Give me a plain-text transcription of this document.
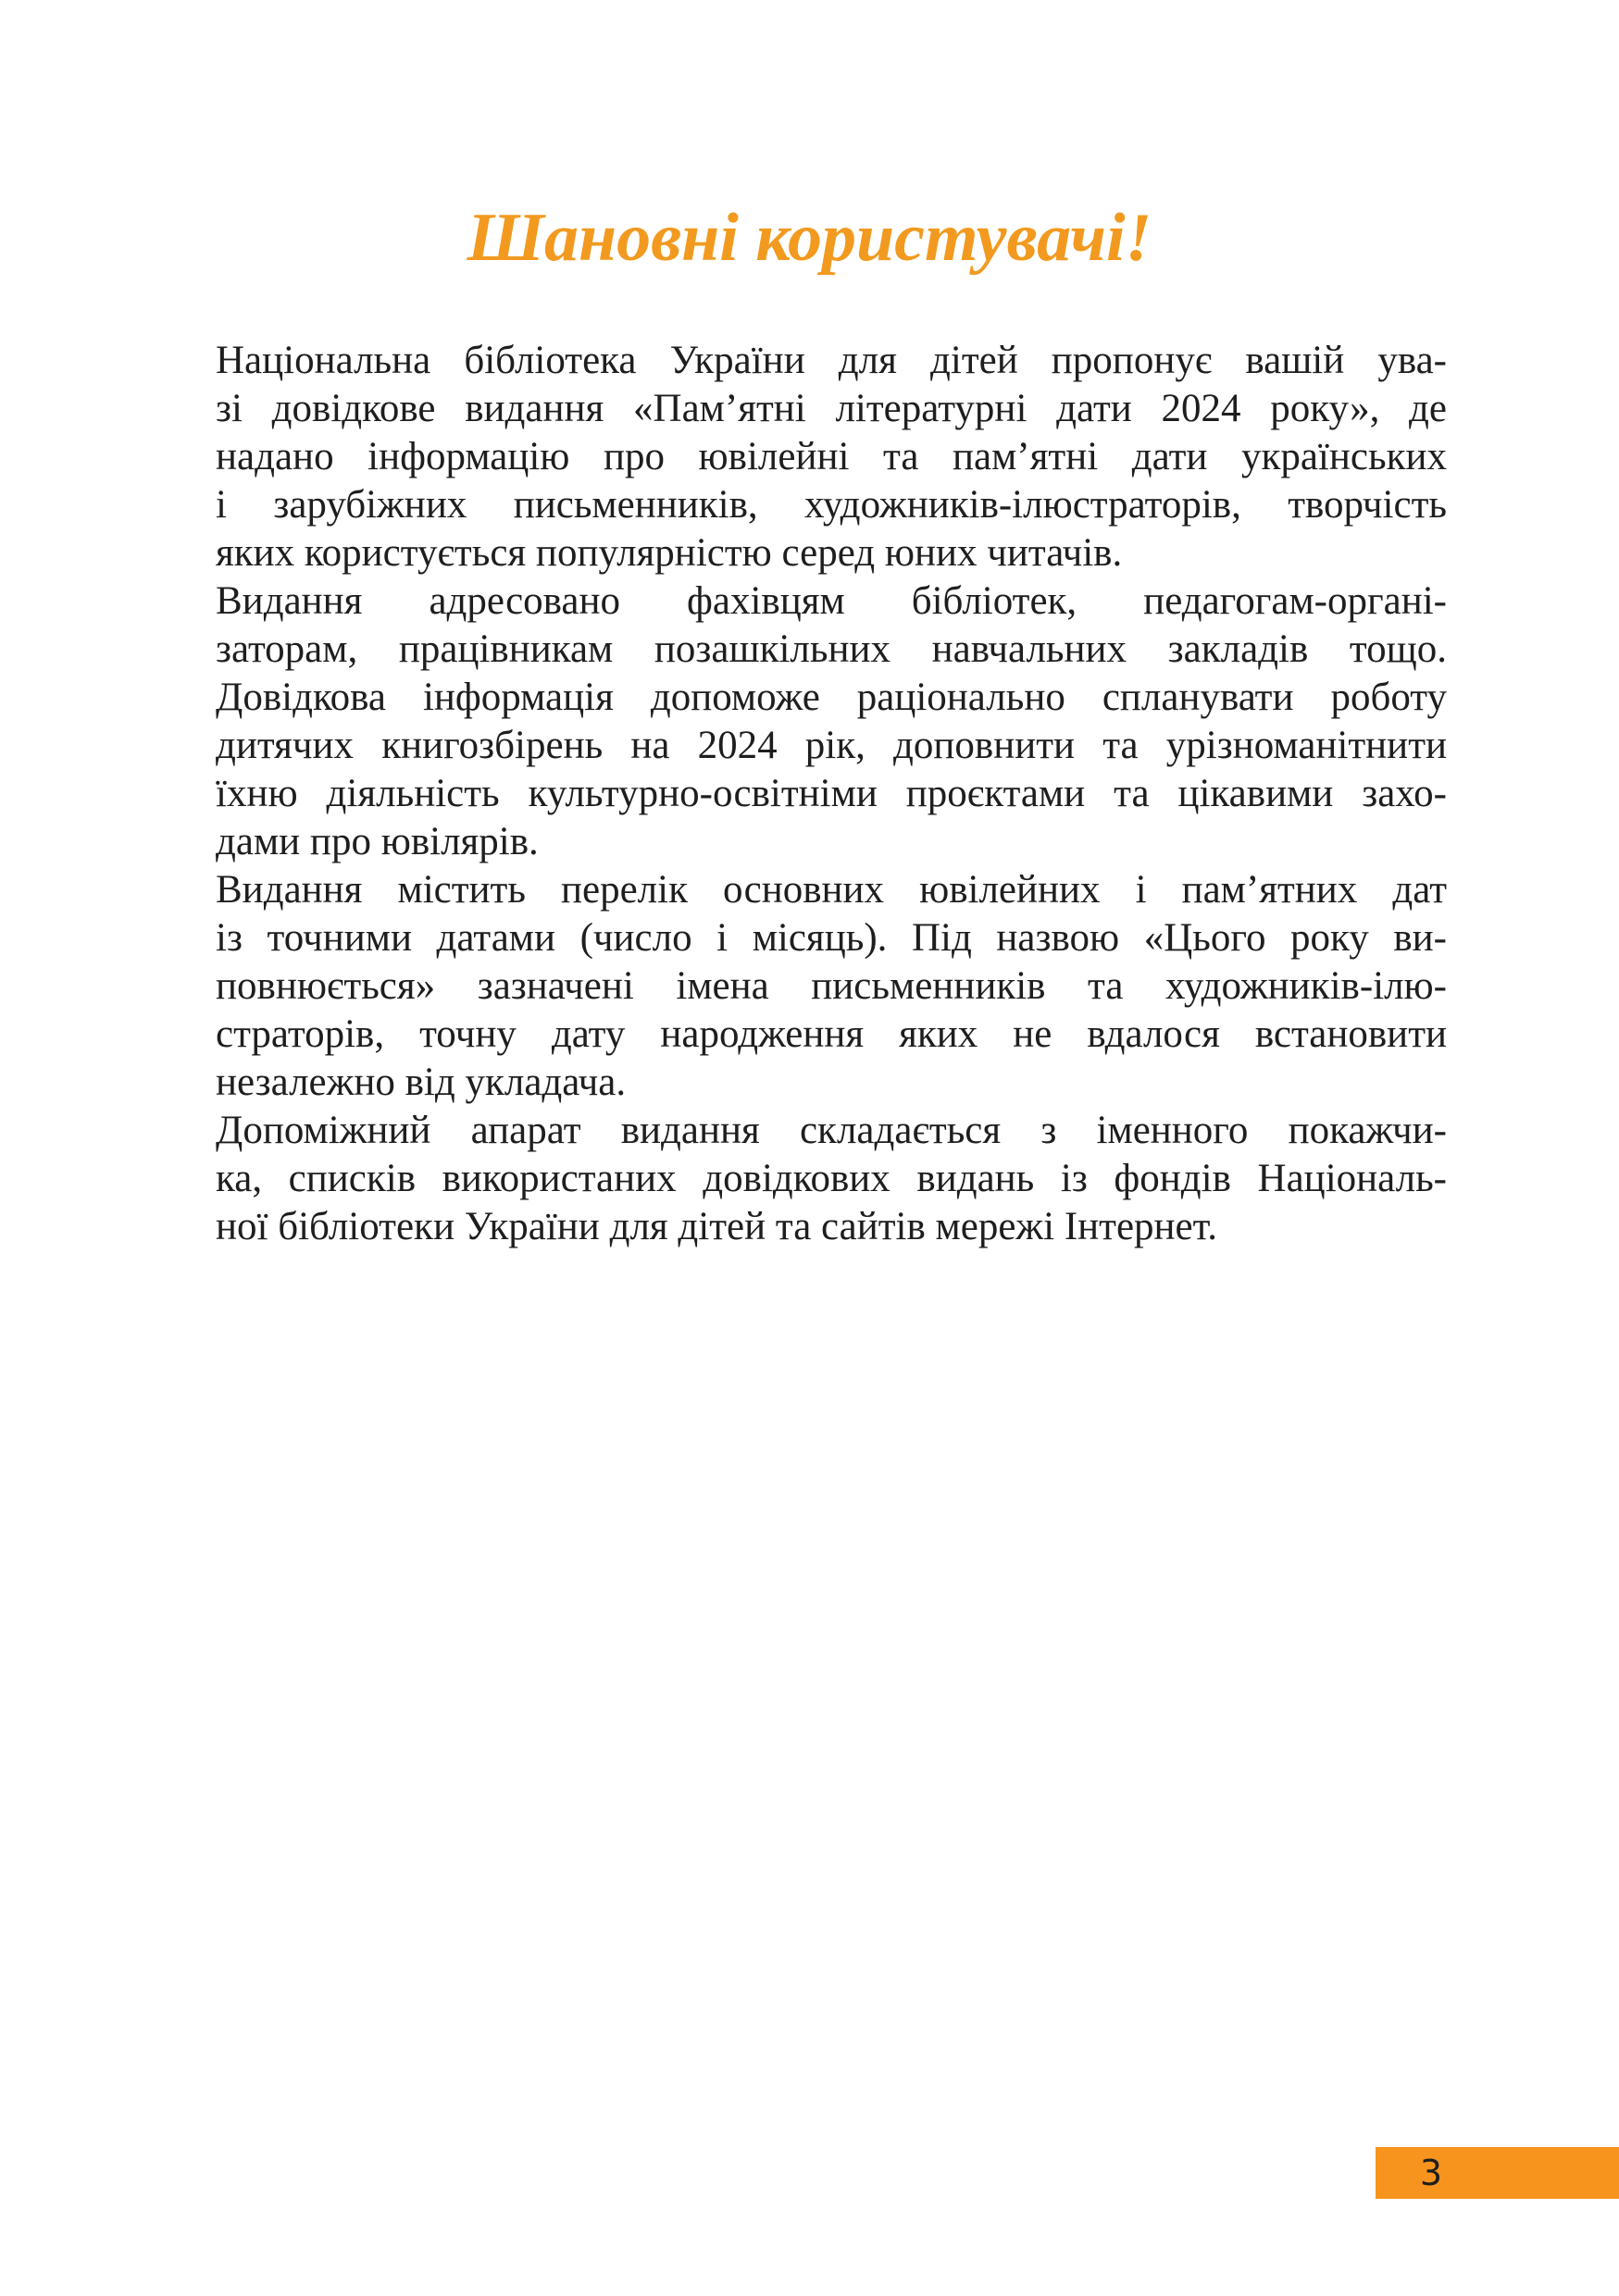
Шановні користувачі!

Національна бібліотека України для дітей пропонує вашій ува-
зі довідкове видання «Пам’ятні літературні дати 2024 року», де
надано інформацію про ювілейні та пам’ятні дати українських
і зарубіжних письменників, художників-ілюстраторів, творчість
яких користується популярністю серед юних читачів.

Видання адресовано фахівцям бібліотек, педагогам-органі-
заторам, працівникам позашкільних навчальних закладів тощо.
Довідкова інформація допоможе раціонально спланувати роботу
дитячих книгозбірень на 2024 рік, доповнити та урізноманітнити
їхню діяльність культурно-освітніми проєктами та цікавими захо-
дами про ювілярів.

Видання містить перелік основних ювілейних і пам’ятних дат
із точними датами (число і місяць). Під назвою «Цього року ви-
повнюється» зазначені імена письменників та художників-ілю-
страторів, точну дату народження яких не вдалося встановити
незалежно від укладача.

Допоміжний апарат видання складається з іменного покажчи-
ка, списків використаних довідкових видань із фондів Національ-
ної бібліотеки України для дітей та сайтів мережі Інтернет.

3
